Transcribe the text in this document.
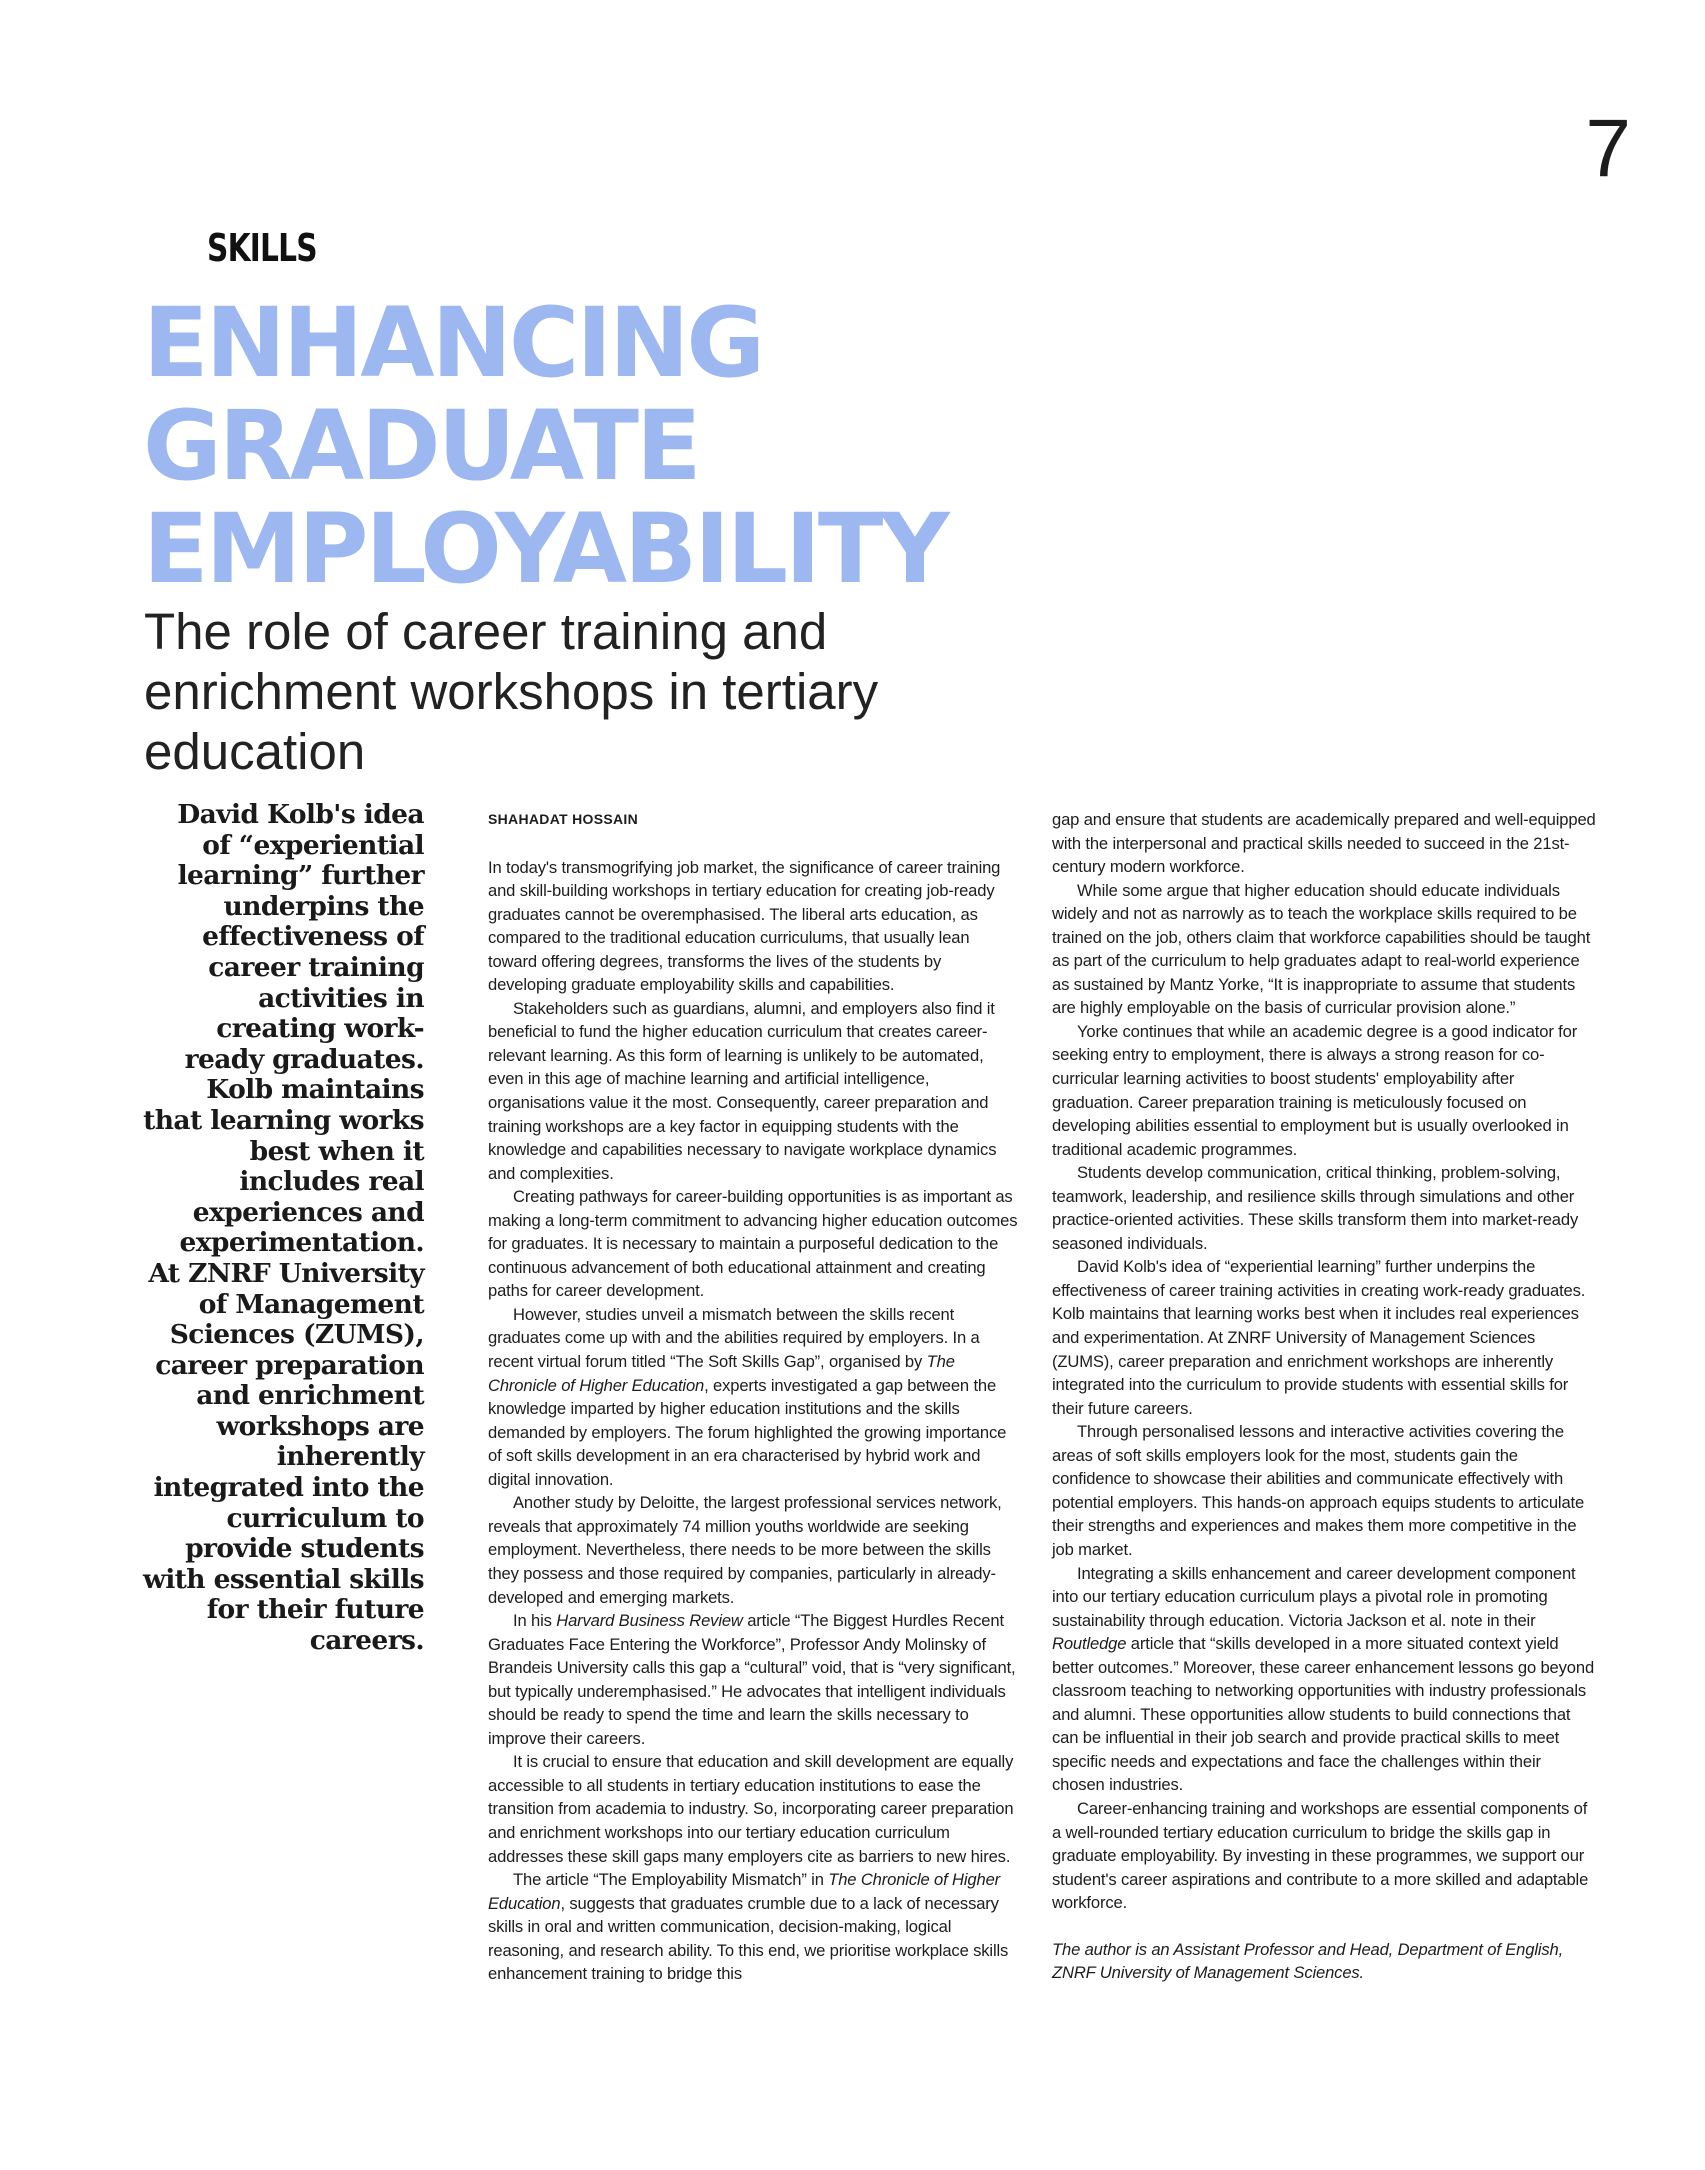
7
SKILLS
ENHANCING
GRADUATE
EMPLOYABILITY
The role of career training and enrichment workshops in tertiary education

David Kolb's idea of “experiential learning” further underpins the effectiveness of career training activities in creating work-ready graduates. Kolb maintains that learning works best when it includes real experiences and experimentation. At ZNRF University of Management Sciences (ZUMS), career preparation and enrichment workshops are inherently integrated into the curriculum to provide students with essential skills for their future careers.

SHAHADAT HOSSAIN

In today's transmogrifying job market, the significance of career training and skill-building workshops in tertiary education for creating job-ready graduates cannot be overemphasised. The liberal arts education, as compared to the traditional education curriculums, that usually lean toward offering degrees, transforms the lives of the students by developing graduate employability skills and capabilities.

Stakeholders such as guardians, alumni, and employers also find it beneficial to fund the higher education curriculum that creates career-relevant learning. As this form of learning is unlikely to be automated, even in this age of machine learning and artificial intelligence, organisations value it the most. Consequently, career preparation and training workshops are a key factor in equipping students with the knowledge and capabilities necessary to navigate workplace dynamics and complexities.

Creating pathways for career-building opportunities is as important as making a long-term commitment to advancing higher education outcomes for graduates. It is necessary to maintain a purposeful dedication to the continuous advancement of both educational attainment and creating paths for career development.

However, studies unveil a mismatch between the skills recent graduates come up with and the abilities required by employers. In a recent virtual forum titled “The Soft Skills Gap”, organised by The Chronicle of Higher Education, experts investigated a gap between the knowledge imparted by higher education institutions and the skills demanded by employers. The forum highlighted the growing importance of soft skills development in an era characterised by hybrid work and digital innovation.

Another study by Deloitte, the largest professional services network, reveals that approximately 74 million youths worldwide are seeking employment. Nevertheless, there needs to be more between the skills they possess and those required by companies, particularly in already-developed and emerging markets.

In his Harvard Business Review article “The Biggest Hurdles Recent Graduates Face Entering the Workforce”, Professor Andy Molinsky of Brandeis University calls this gap a “cultural” void, that is “very significant, but typically underemphasised.” He advocates that intelligent individuals should be ready to spend the time and learn the skills necessary to improve their careers.

It is crucial to ensure that education and skill development are equally accessible to all students in tertiary education institutions to ease the transition from academia to industry. So, incorporating career preparation and enrichment workshops into our tertiary education curriculum addresses these skill gaps many employers cite as barriers to new hires.

The article “The Employability Mismatch” in The Chronicle of Higher Education, suggests that graduates crumble due to a lack of necessary skills in oral and written communication, decision-making, logical reasoning, and research ability. To this end, we prioritise workplace skills enhancement training to bridge this

gap and ensure that students are academically prepared and well-equipped with the interpersonal and practical skills needed to succeed in the 21st-century modern workforce.

While some argue that higher education should educate individuals widely and not as narrowly as to teach the workplace skills required to be trained on the job, others claim that workforce capabilities should be taught as part of the curriculum to help graduates adapt to real-world experience as sustained by Mantz Yorke, “It is inappropriate to assume that students are highly employable on the basis of curricular provision alone.”

Yorke continues that while an academic degree is a good indicator for seeking entry to employment, there is always a strong reason for co-curricular learning activities to boost students' employability after graduation. Career preparation training is meticulously focused on developing abilities essential to employment but is usually overlooked in traditional academic programmes.

Students develop communication, critical thinking, problem-solving, teamwork, leadership, and resilience skills through simulations and other practice-oriented activities. These skills transform them into market-ready seasoned individuals.

David Kolb's idea of “experiential learning” further underpins the effectiveness of career training activities in creating work-ready graduates. Kolb maintains that learning works best when it includes real experiences and experimentation. At ZNRF University of Management Sciences (ZUMS), career preparation and enrichment workshops are inherently integrated into the curriculum to provide students with essential skills for their future careers.

Through personalised lessons and interactive activities covering the areas of soft skills employers look for the most, students gain the confidence to showcase their abilities and communicate effectively with potential employers. This hands-on approach equips students to articulate their strengths and experiences and makes them more competitive in the job market.

Integrating a skills enhancement and career development component into our tertiary education curriculum plays a pivotal role in promoting sustainability through education. Victoria Jackson et al. note in their Routledge article that “skills developed in a more situated context yield better outcomes.” Moreover, these career enhancement lessons go beyond classroom teaching to networking opportunities with industry professionals and alumni. These opportunities allow students to build connections that can be influential in their job search and provide practical skills to meet specific needs and expectations and face the challenges within their chosen industries.

Career-enhancing training and workshops are essential components of a well-rounded tertiary education curriculum to bridge the skills gap in graduate employability. By investing in these programmes, we support our student's career aspirations and contribute to a more skilled and adaptable workforce.

The author is an Assistant Professor and Head, Department of English, ZNRF University of Management Sciences.
